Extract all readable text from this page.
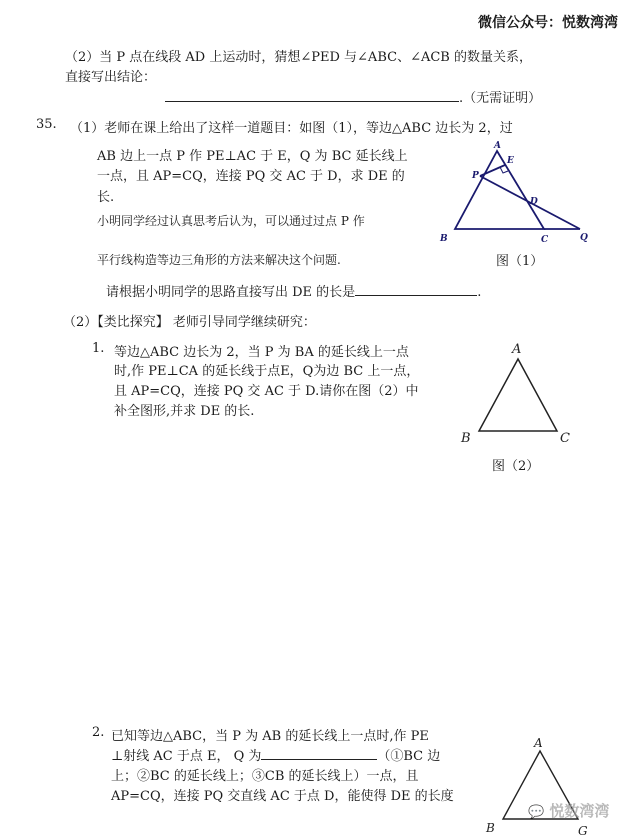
微信公众号：悦数湾湾
（2）当 P 点在线段 AD 上运动时，猜想∠PED 与∠ABC、∠ACB 的数量关系，
直接写出结论：
.（无需证明）
35. （1）老师在课上给出了这样一道题目：如图（1），等边△ABC 边长为 2，过
AB 边上一点 P 作 PE⊥AC 于 E，Q 为 BC 延长线上
一点，且 AP=CQ，连接 PQ 交 AC 于 D，求 DE 的
长.
小明同学经过认真思考后认为，可以通过过点 P 作
平行线构造等边三角形的方法来解决这个问题.
请根据小明同学的思路直接写出 DE 的长是	.
A
E
P
D
B	C	Q
图（1）
（2）【类比探究】 老师引导同学继续研究：
1. 等边△ABC 边长为 2，当 P 为 BA 的延长线上一点
时,作 PE⊥CA 的延长线于点E，Q为边 BC 上一点，
且 AP=CQ，连接 PQ 交 AC 于 D.请你在图（2）中
补全图形,并求 DE 的长.
A
B	C
图（2）
2. 已知等边△ABC，当 P 为 AB 的延长线上一点时,作 PE
⊥射线 AC 于点 E， Q 为	（①BC 边
上；②BC 的延长线上；③CB 的延长线上）一点，且
AP=CQ，连接 PQ 交直线 AC 于点 D，能使得 DE 的长度
A
B	G
💬 悦数湾湾
